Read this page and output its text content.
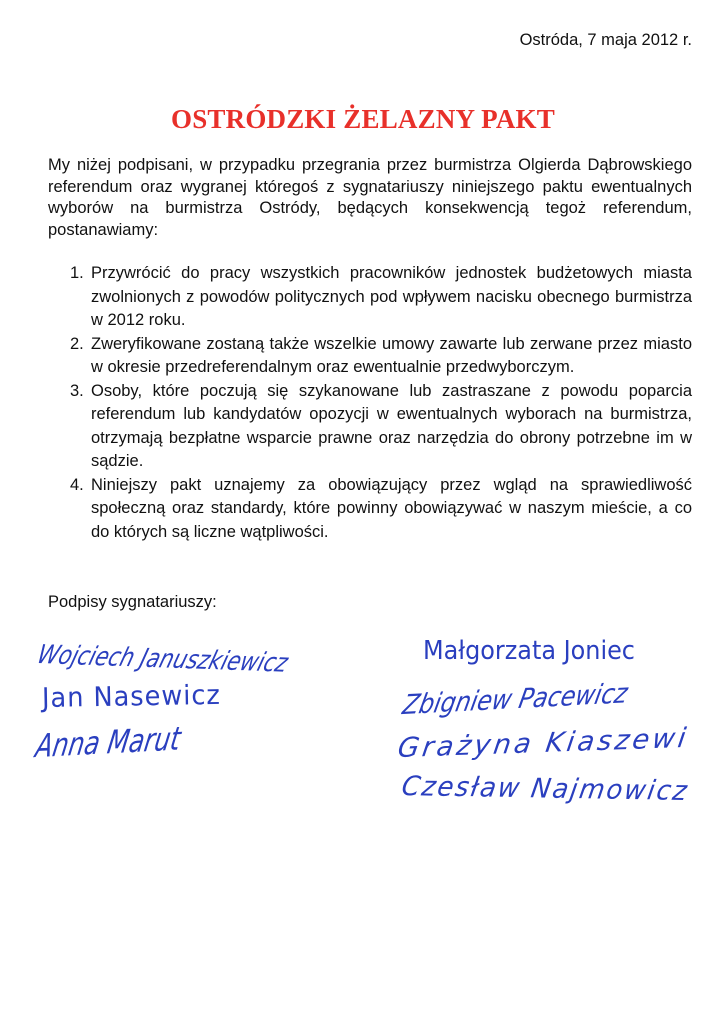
Ostróda, 7 maja 2012 r.
OSTRÓDZKI ŻELAZNY PAKT

My niżej podpisani, w przypadku przegrania przez burmistrza Olgierda Dąbrowskiego referendum oraz wygranej któregoś z sygnatariuszy niniejszego paktu ewentualnych wyborów na burmistrza Ostródy, będących konsekwencją tegoż referendum, postanawiamy:

1. Przywrócić do pracy wszystkich pracowników jednostek budżetowych miasta zwolnionych z powodów politycznych pod wpływem nacisku obecnego burmistrza w 2012 roku.
2. Zweryfikowane zostaną także wszelkie umowy zawarte lub zerwane przez miasto w okresie przedreferendalnym oraz ewentualnie przedwyborczym.
3. Osoby, które poczują się szykanowane lub zastraszane z powodu poparcia referendum lub kandydatów opozycji w ewentualnych wyborach na burmistrza, otrzymają bezpłatne wsparcie prawne oraz narzędzia do obrony potrzebne im w sądzie.
4. Niniejszy pakt uznajemy za obowiązujący przez wgląd na sprawiedliwość społeczną oraz standardy, które powinny obowiązywać w naszym mieście, a co do których są liczne wątpliwości.
Podpisy sygnatariuszy:
Wojciech Januszkiewicz
Jan Nasewicz
Anna Marut
Małgorzata Joniec
Zbigniew Pacewicz
Grażyna Kiaszewi
Czesław Najmowicz
